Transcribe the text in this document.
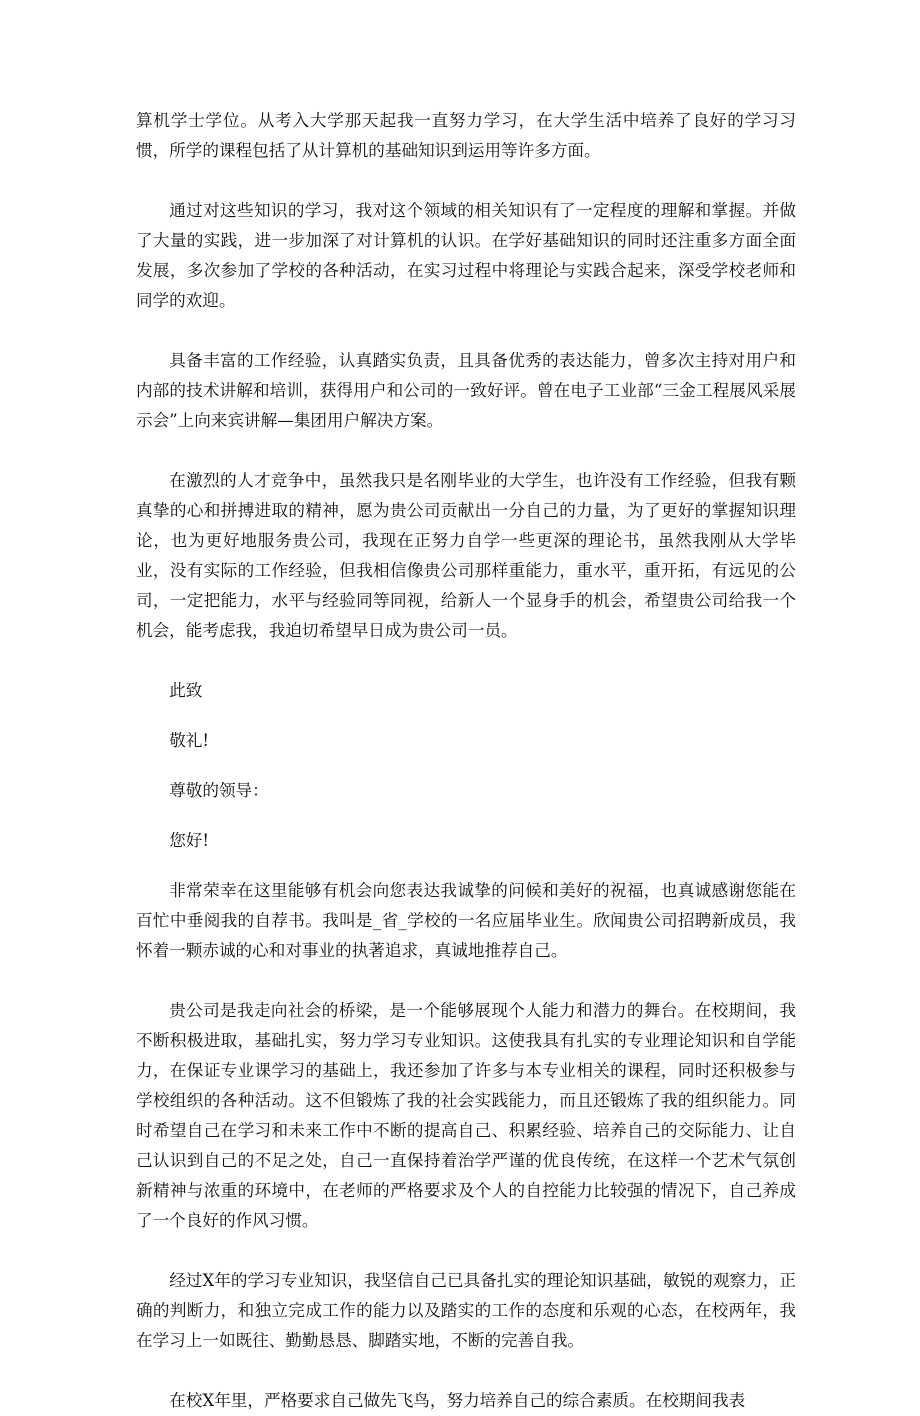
算机学士学位。从考入大学那天起我一直努力学习，在大学生活中培养了良好的学习习惯，所学的课程包括了从计算机的基础知识到运用等许多方面。

通过对这些知识的学习，我对这个领域的相关知识有了一定程度的理解和掌握。并做了大量的实践，进一步加深了对计算机的认识。在学好基础知识的同时还注重多方面全面发展，多次参加了学校的各种活动，在实习过程中将理论与实践合起来，深受学校老师和同学的欢迎。

具备丰富的工作经验，认真踏实负责，且具备优秀的表达能力，曾多次主持对用户和内部的技术讲解和培训，获得用户和公司的一致好评。曾在电子工业部“三金工程展风采展示会”上向来宾讲解—集团用户解决方案。

在激烈的人才竞争中，虽然我只是名刚毕业的大学生，也许没有工作经验，但我有颗真挚的心和拼搏进取的精神，愿为贵公司贡献出一分自己的力量，为了更好的掌握知识理论，也为更好地服务贵公司，我现在正努力自学一些更深的理论书，虽然我刚从大学毕业，没有实际的工作经验，但我相信像贵公司那样重能力，重水平，重开拓，有远见的公司，一定把能力，水平与经验同等同视，给新人一个显身手的机会，希望贵公司给我一个机会，能考虑我，我迫切希望早日成为贵公司一员。

此致

敬礼!

尊敬的领导：

您好!

非常荣幸在这里能够有机会向您表达我诚挚的问候和美好的祝福，也真诚感谢您能在百忙中垂阅我的自荐书。我叫是_省_学校的一名应届毕业生。欣闻贵公司招聘新成员，我怀着一颗赤诚的心和对事业的执著追求，真诚地推荐自己。

贵公司是我走向社会的桥梁，是一个能够展现个人能力和潜力的舞台。在校期间，我不断积极进取，基础扎实，努力学习专业知识。这使我具有扎实的专业理论知识和自学能力，在保证专业课学习的基础上，我还参加了许多与本专业相关的课程，同时还积极参与学校组织的各种活动。这不但锻炼了我的社会实践能力，而且还锻炼了我的组织能力。同时希望自己在学习和未来工作中不断的提高自己、积累经验、培养自己的交际能力、让自己认识到自己的不足之处，自己一直保持着治学严谨的优良传统，在这样一个艺术气氛创新精神与浓重的环境中，在老师的严格要求及个人的自控能力比较强的情况下，自己养成了一个良好的作风习惯。

经过X年的学习专业知识，我坚信自己已具备扎实的理论知识基础，敏锐的观察力，正确的判断力，和独立完成工作的能力以及踏实的工作的态度和乐观的心态，在校两年，我在学习上一如既往、勤勤恳恳、脚踏实地，不断的完善自我。

在校X年里，严格要求自己做先飞鸟，努力培养自己的综合素质。在校期间我表
